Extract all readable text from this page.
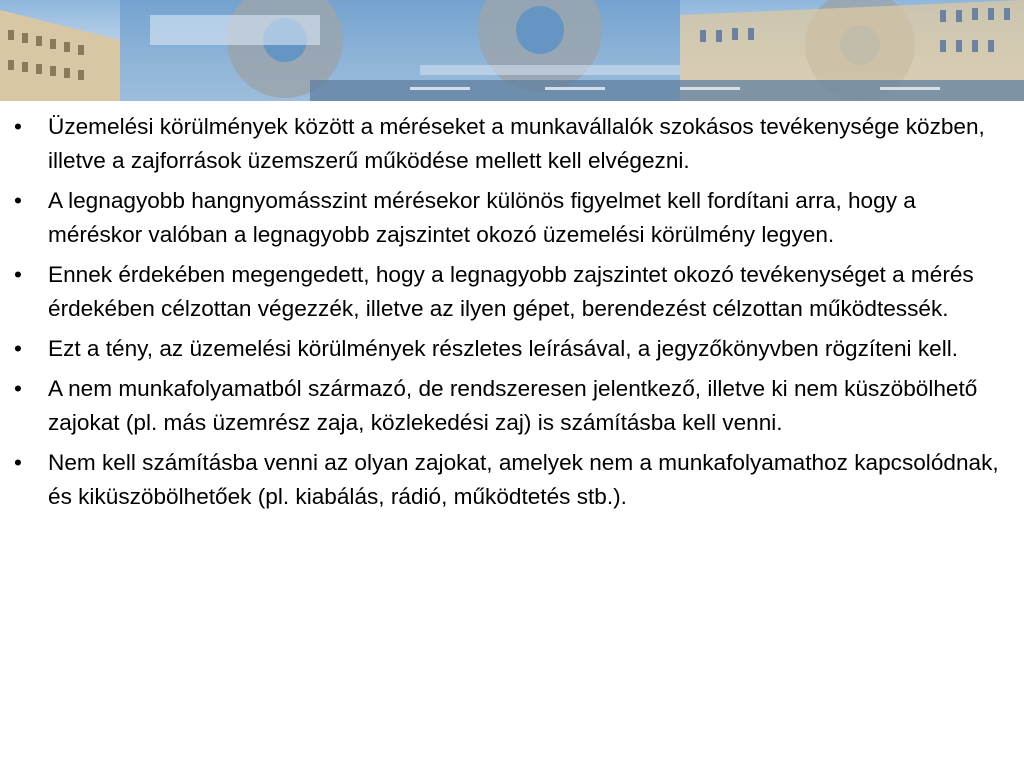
• Üzemelési körülmények között a méréseket a munkavállalók szokásos tevékenysége közben, illetve a zajforrások üzemszerű működése mellett kell elvégezni.
• A legnagyobb hangnyomásszint mérésekor különös figyelmet kell fordítani arra, hogy a méréskor valóban a legnagyobb zajszintet okozó üzemelési körülmény legyen.
• Ennek érdekében megengedett, hogy a legnagyobb zajszintet okozó tevékenységet a mérés érdekében célzottan végezzék, illetve az ilyen gépet, berendezést célzottan működtessék.
• Ezt a tény, az üzemelési körülmények részletes leírásával, a jegyzőkönyvben rögzíteni kell.
• A nem munkafolyamatból származó, de rendszeresen jelentkező, illetve ki nem küszöbölhető zajokat (pl. más üzemrész zaja, közlekedési zaj) is számításba kell venni.
• Nem kell számításba venni az olyan zajokat, amelyek nem a munkafolyamathoz kapcsolódnak, és kiküszöbölhetőek (pl. kiabálás, rádió, működtetés stb.).
